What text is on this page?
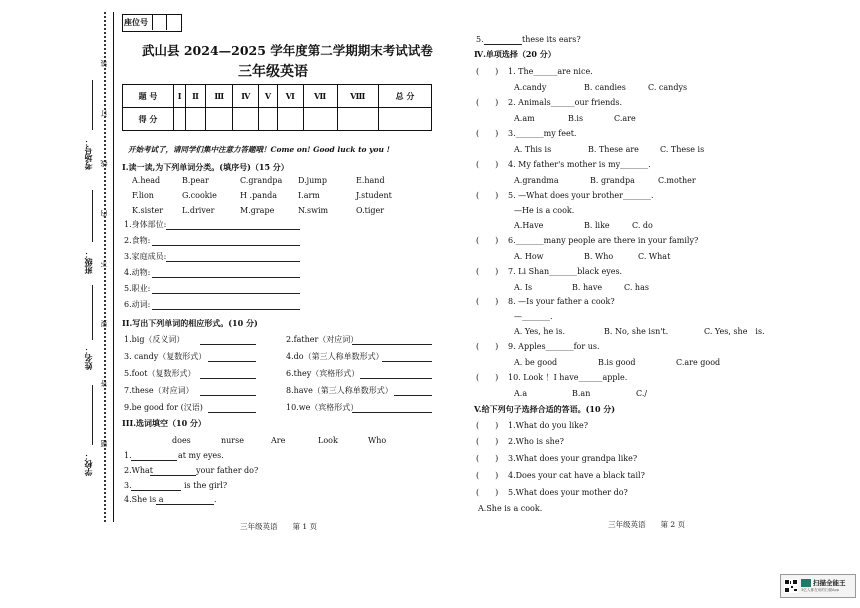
装
订
线
内
不
要
答
题
考场号：
班级：
姓名：
学校：
座位号
武山县 2024—2025 学年度第二学期期末考试试卷
三年级英语
题 号	I	Ⅱ	Ⅲ	Ⅳ	Ⅴ	Ⅵ	Ⅶ	Ⅷ	总 分
得 分									
开始考试了，请同学们集中注意力答题哦！Come on! Good luck to you !
I.读一读,为下列单词分类。(填序号)（15 分）
A.head	B.pear	C.grandpa D.jump	E.hand
F.lion	G.cookie	H .panda	I.arm	J.student
K.sister L.driver	M.grape	N.swim	O.tiger
1.身体部位:
2.食物:
3.家庭成员:
4.动物:
5.职业:
6.动词:
II.写出下列单词的相应形式。(10 分)
1.big（反义词）	2.father（对应词）
3. candy（复数形式）	4.do（第三人称单数形式）
5.foot（复数形式）	6.they（宾格形式）
7.these（对应词）	8.have（第三人称单数形式）
9.be good for (汉语)	10.we（宾格形式）
III.选词填空（10 分）
does	nurse	Are	Look	Who
1.	at my eyes.
2.What	your father do?
3.	is the girl?
4.She is a	.
三年级英语　　第 1 页
5.	these its ears?
Ⅳ.单项选择（20 分）
(　　) 1. The______are nice.
A.candy	B. candies	C. candys
(　　) 2. Animals______our friends.
A.am	B.is	C.are
(　　) 3._______my feet.
A. This is	B. These are	C. These is
(　　) 4. My father's mother is my_______.
A.grandma	B. grandpa	C.mother
(　　) 5. —What does your brother_______.
—He is a cook.
A.Have	B. like	C. do
(　　) 6._______many people are there in your family?
A. How	B. Who	C. What
(　　) 7. Li Shan_______black eyes.
A. Is	B. have	C. has
(　　) 8. —Is your father a cook?
—_______.
A. Yes, he is.	B. No, she isn't.	C. Yes, she　is.
(　　) 9. Apples_______for us.
A. be good	B.is good	C.are good
(　　) 10. Look ！I have______apple.
A.a	B.an	C./
V.给下列句子选择合适的答语。(10 分)
(　　) 1.What do you like?
(　　) 2.Who is she?
(　　) 3.What does your grandpa like?
(　　) 4.Does your cat have a black tail?
(　　) 5.What does your mother do?
A.She is a cook.
三年级英语　　第 2 页
扫描全能王
3亿人都在用的扫描App
